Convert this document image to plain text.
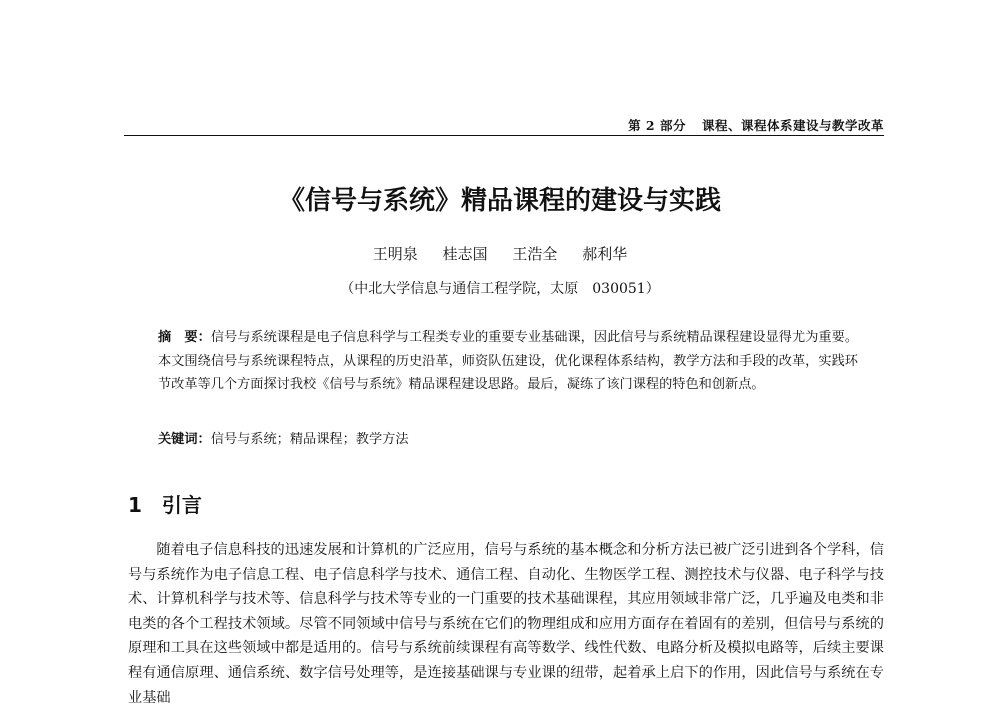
第 2 部分 课程、课程体系建设与教学改革
《信号与系统》精品课程的建设与实践
王明泉 桂志国 王浩全 郝利华
（中北大学信息与通信工程学院，太原　030051）
摘　要：信号与系统课程是电子信息科学与工程类专业的重要专业基础课，因此信号与系统精品课程建设显得尤为重要。本文围绕信号与系统课程特点，从课程的历史沿革，师资队伍建设，优化课程体系结构，教学方法和手段的改革，实践环节改革等几个方面探讨我校《信号与系统》精品课程建设思路。最后，凝练了该门课程的特色和创新点。
关键词：信号与系统；精品课程；教学方法
1 引言
随着电子信息科技的迅速发展和计算机的广泛应用，信号与系统的基本概念和分析方法已被广泛引进到各个学科，信号与系统作为电子信息工程、电子信息科学与技术、通信工程、自动化、生物医学工程、测控技术与仪器、电子科学与技术、计算机科学与技术等、信息科学与技术等专业的一门重要的技术基础课程，其应用领域非常广泛，几乎遍及电类和非电类的各个工程技术领域。尽管不同领域中信号与系统在它们的物理组成和应用方面存在着固有的差别，但信号与系统的原理和工具在这些领域中都是适用的。信号与系统前续课程有高等数学、线性代数、电路分析及模拟电路等，后续主要课程有通信原理、通信系统、数字信号处理等，是连接基础课与专业课的纽带，起着承上启下的作用，因此信号与系统在专业基础
